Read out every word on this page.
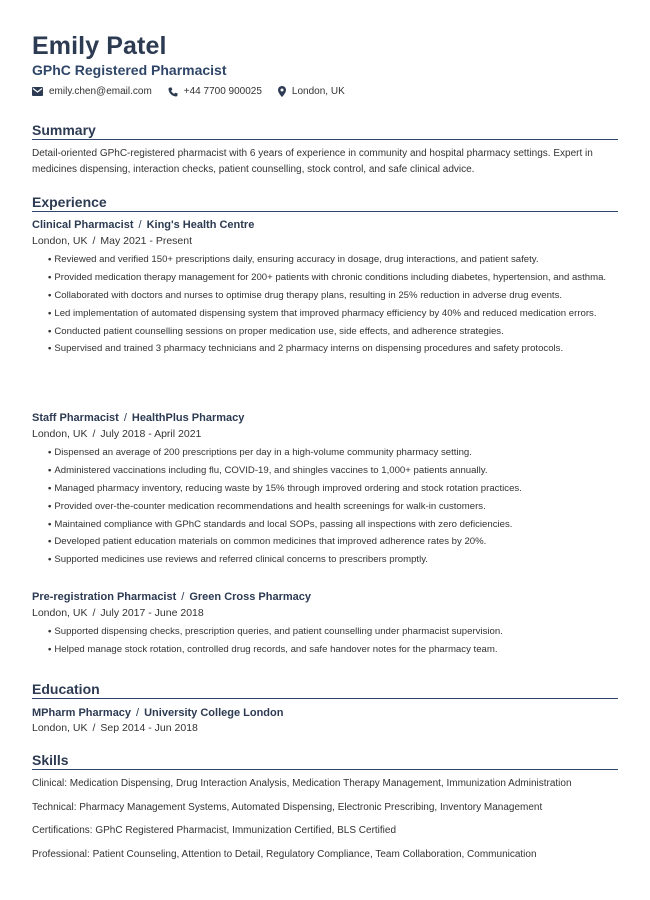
Emily Patel
GPhC Registered Pharmacist
emily.chen@email.com	+44 7700 900025	London, UK
Summary
Detail-oriented GPhC-registered pharmacist with 6 years of experience in community and hospital pharmacy settings. Expert in medicines dispensing, interaction checks, patient counselling, stock control, and safe clinical advice.
Experience
Clinical Pharmacist / King's Health Centre
London, UK / May 2021 - Present
• Reviewed and verified 150+ prescriptions daily, ensuring accuracy in dosage, drug interactions, and patient safety.
• Provided medication therapy management for 200+ patients with chronic conditions including diabetes, hypertension, and asthma.
• Collaborated with doctors and nurses to optimise drug therapy plans, resulting in 25% reduction in adverse drug events.
• Led implementation of automated dispensing system that improved pharmacy efficiency by 40% and reduced medication errors.
• Conducted patient counselling sessions on proper medication use, side effects, and adherence strategies.
• Supervised and trained 3 pharmacy technicians and 2 pharmacy interns on dispensing procedures and safety protocols.
Staff Pharmacist / HealthPlus Pharmacy
London, UK / July 2018 - April 2021
• Dispensed an average of 200 prescriptions per day in a high-volume community pharmacy setting.
• Administered vaccinations including flu, COVID-19, and shingles vaccines to 1,000+ patients annually.
• Managed pharmacy inventory, reducing waste by 15% through improved ordering and stock rotation practices.
• Provided over-the-counter medication recommendations and health screenings for walk-in customers.
• Maintained compliance with GPhC standards and local SOPs, passing all inspections with zero deficiencies.
• Developed patient education materials on common medicines that improved adherence rates by 20%.
• Supported medicines use reviews and referred clinical concerns to prescribers promptly.
Pre-registration Pharmacist / Green Cross Pharmacy
London, UK / July 2017 - June 2018
• Supported dispensing checks, prescription queries, and patient counselling under pharmacist supervision.
• Helped manage stock rotation, controlled drug records, and safe handover notes for the pharmacy team.
Education
MPharm Pharmacy / University College London
London, UK / Sep 2014 - Jun 2018
Skills
Clinical: Medication Dispensing, Drug Interaction Analysis, Medication Therapy Management, Immunization Administration
Technical: Pharmacy Management Systems, Automated Dispensing, Electronic Prescribing, Inventory Management
Certifications: GPhC Registered Pharmacist, Immunization Certified, BLS Certified
Professional: Patient Counseling, Attention to Detail, Regulatory Compliance, Team Collaboration, Communication
